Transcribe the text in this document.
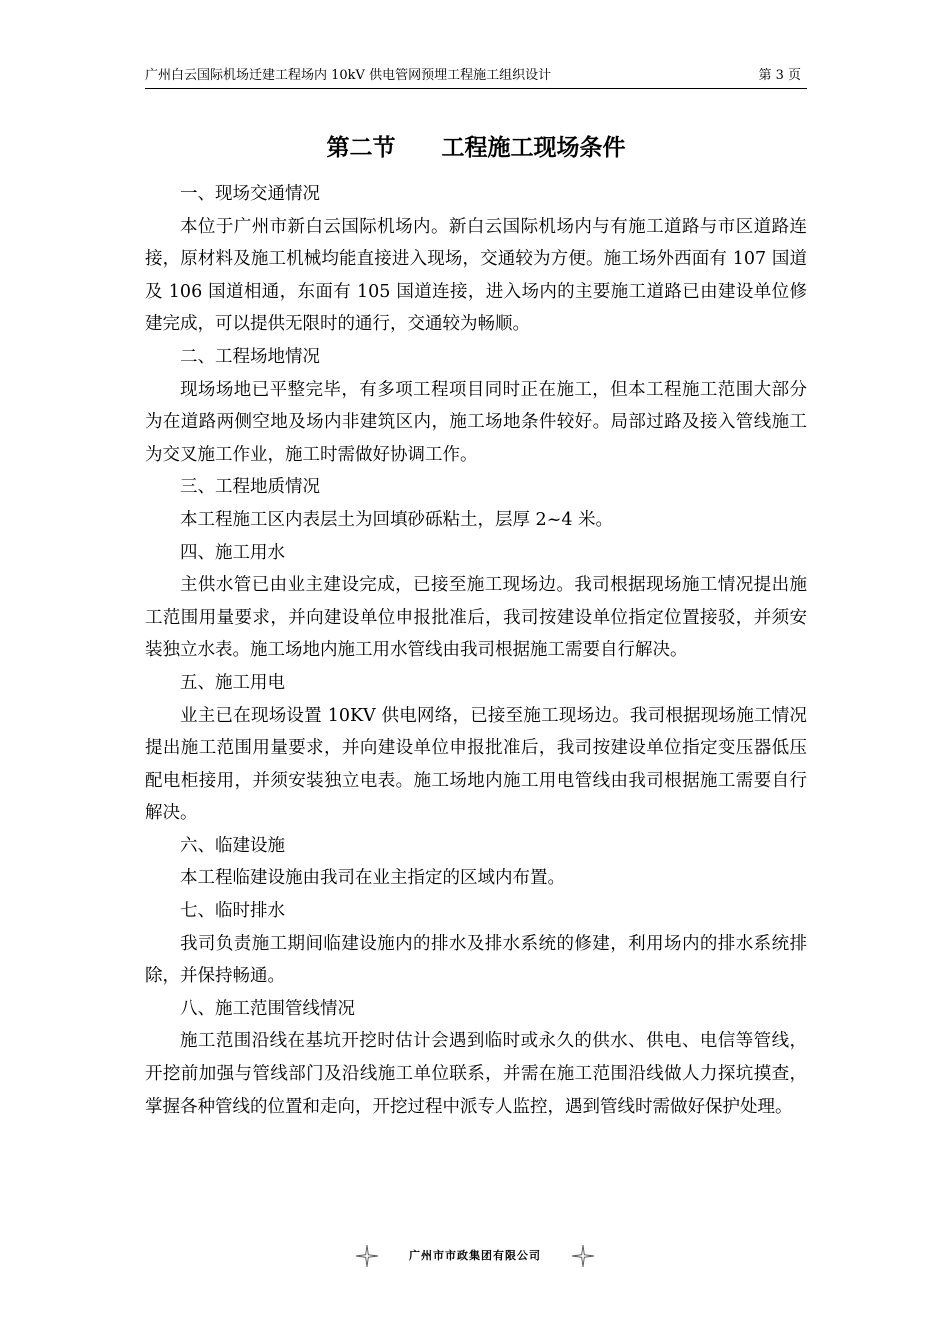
广州白云国际机场迁建工程场内 10kV 供电管网预埋工程施工组织设计	第 3 页
第二节　　工程施工现场条件

一、现场交通情况

本位于广州市新白云国际机场内。新白云国际机场内与有施工道路与市区道路连接，原材料及施工机械均能直接进入现场，交通较为方便。施工场外西面有 107 国道及 106 国道相通，东面有 105 国道连接，进入场内的主要施工道路已由建设单位修建完成，可以提供无限时的通行，交通较为畅顺。

二、工程场地情况

现场场地已平整完毕，有多项工程项目同时正在施工，但本工程施工范围大部分为在道路两侧空地及场内非建筑区内，施工场地条件较好。局部过路及接入管线施工为交叉施工作业，施工时需做好协调工作。

三、工程地质情况

本工程施工区内表层土为回填砂砾粘土，层厚 2~4 米。

四、施工用水

主供水管已由业主建设完成，已接至施工现场边。我司根据现场施工情况提出施工范围用量要求，并向建设单位申报批准后，我司按建设单位指定位置接驳，并须安装独立水表。施工场地内施工用水管线由我司根据施工需要自行解决。

五、施工用电

业主已在现场设置 10KV 供电网络，已接至施工现场边。我司根据现场施工情况提出施工范围用量要求，并向建设单位申报批准后，我司按建设单位指定变压器低压配电柜接用，并须安装独立电表。施工场地内施工用电管线由我司根据施工需要自行解决。

六、临建设施

本工程临建设施由我司在业主指定的区域内布置。

七、临时排水

我司负责施工期间临建设施内的排水及排水系统的修建，利用场内的排水系统排除，并保持畅通。

八、施工范围管线情况

施工范围沿线在基坑开挖时估计会遇到临时或永久的供水、供电、电信等管线，开挖前加强与管线部门及沿线施工单位联系，并需在施工范围沿线做人力探坑摸查，掌握各种管线的位置和走向，开挖过程中派专人监控，遇到管线时需做好保护处理。

广州市市政集团有限公司
